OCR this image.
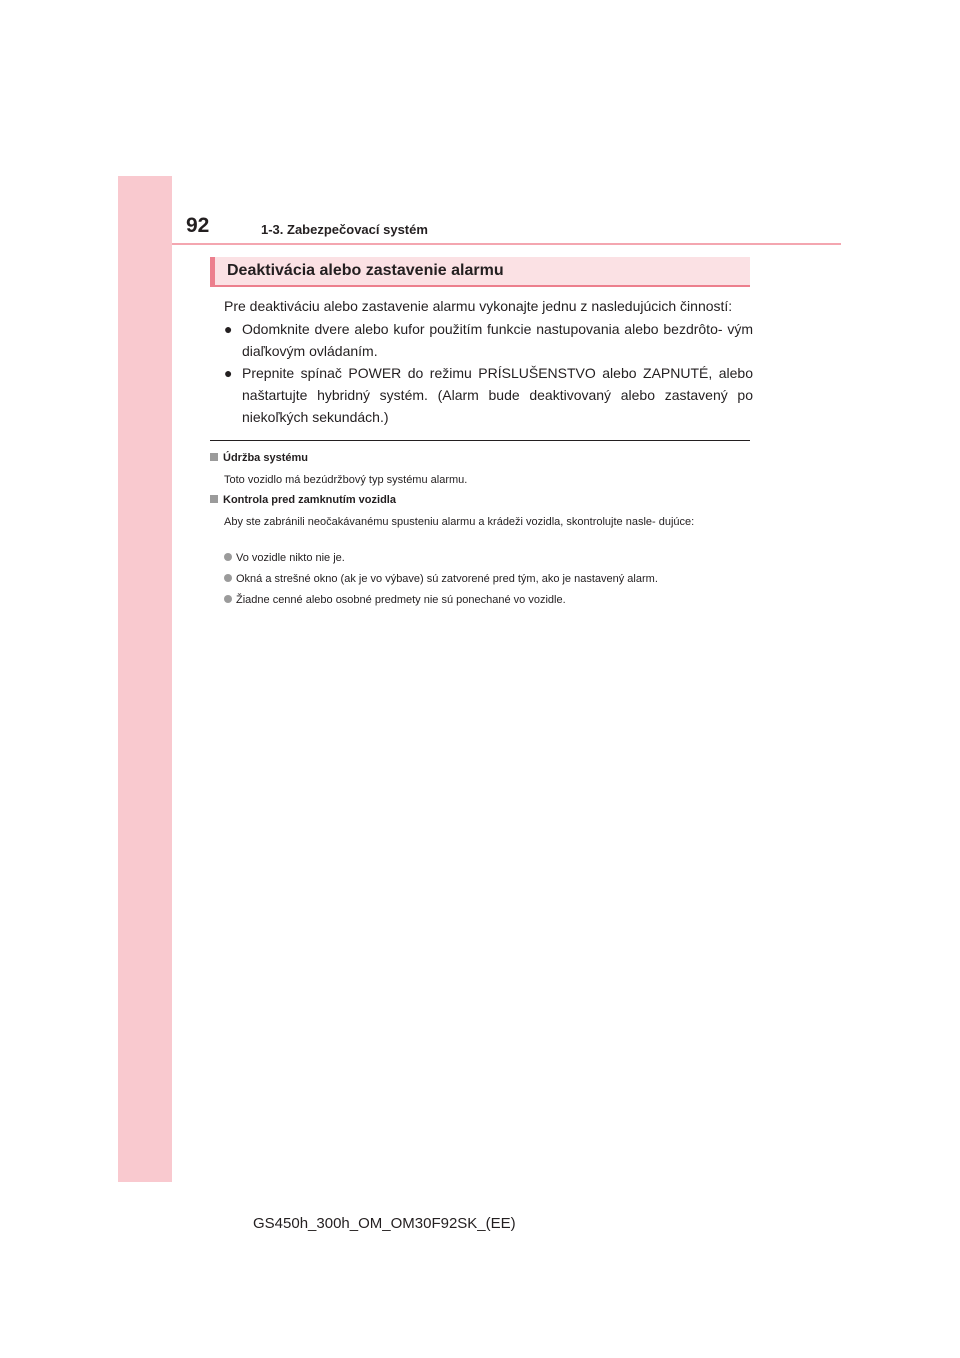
92	1-3. Zabezpečovací systém
Deaktivácia alebo zastavenie alarmu
Pre deaktiváciu alebo zastavenie alarmu vykonajte jednu z nasledujúcich činností:
● Odomknite dvere alebo kufor použitím funkcie nastupovania alebo bezdrôto- vým diaľkovým ovládaním.
● Prepnite spínač POWER do režimu PRÍSLUŠENSTVO alebo ZAPNUTÉ, alebo naštartujte hybridný systém. (Alarm bude deaktivovaný alebo zastavený po niekoľkých sekundách.)
Údržba systému
Toto vozidlo má bezúdržbový typ systému alarmu.
Kontrola pred zamknutím vozidla
Aby ste zabránili neočakávanému spusteniu alarmu a krádeži vozidla, skontrolujte nasle- dujúce:
Vo vozidle nikto nie je.
Okná a strešné okno (ak je vo výbave) sú zatvorené pred tým, ako je nastavený alarm.
Žiadne cenné alebo osobné predmety nie sú ponechané vo vozidle.
GS450h_300h_OM_OM30F92SK_(EE)
